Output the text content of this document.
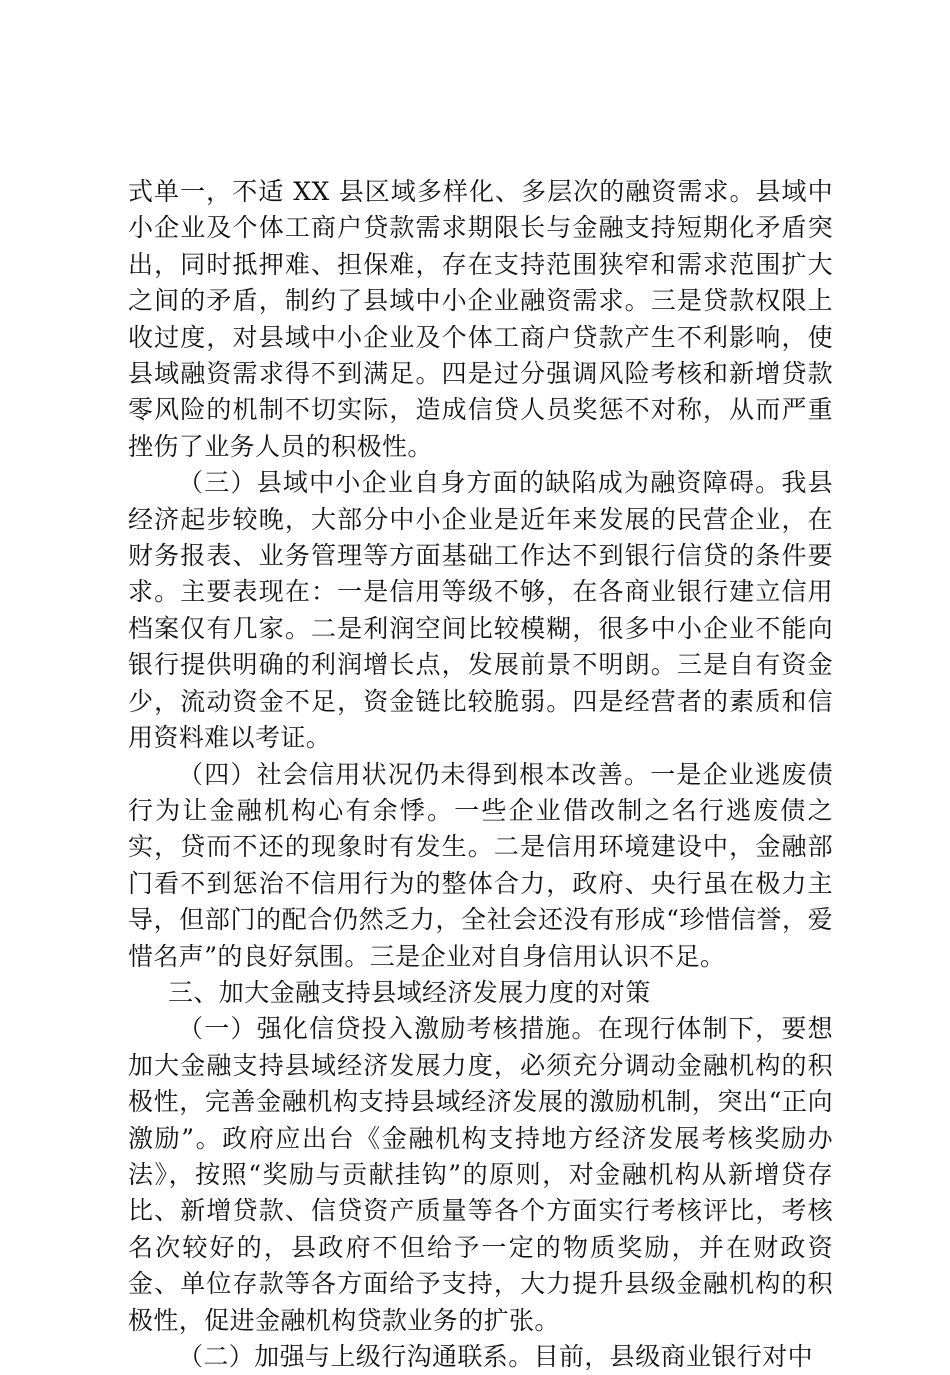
式单一，不适 XX 县区域多样化、多层次的融资需求。县域中小企业及个体工商户贷款需求期限长与金融支持短期化矛盾突出，同时抵押难、担保难，存在支持范围狭窄和需求范围扩大之间的矛盾，制约了县域中小企业融资需求。三是贷款权限上收过度，对县域中小企业及个体工商户贷款产生不利影响，使县域融资需求得不到满足。四是过分强调风险考核和新增贷款零风险的机制不切实际，造成信贷人员奖惩不对称，从而严重挫伤了业务人员的积极性。

（三）县域中小企业自身方面的缺陷成为融资障碍。我县经济起步较晚，大部分中小企业是近年来发展的民营企业，在财务报表、业务管理等方面基础工作达不到银行信贷的条件要求。主要表现在：一是信用等级不够，在各商业银行建立信用档案仅有几家。二是利润空间比较模糊，很多中小企业不能向银行提供明确的利润增长点，发展前景不明朗。三是自有资金少，流动资金不足，资金链比较脆弱。四是经营者的素质和信用资料难以考证。

（四）社会信用状况仍未得到根本改善。一是企业逃废债行为让金融机构心有余悸。一些企业借改制之名行逃废债之实，贷而不还的现象时有发生。二是信用环境建设中，金融部门看不到惩治不信用行为的整体合力，政府、央行虽在极力主导，但部门的配合仍然乏力，全社会还没有形成“珍惜信誉，爱惜名声”的良好氛围。三是企业对自身信用认识不足。

三、加大金融支持县域经济发展力度的对策

（一）强化信贷投入激励考核措施。在现行体制下，要想加大金融支持县域经济发展力度，必须充分调动金融机构的积极性，完善金融机构支持县域经济发展的激励机制，突出“正向激励”。政府应出台《金融机构支持地方经济发展考核奖励办法》，按照“奖励与贡献挂钩”的原则，对金融机构从新增贷存比、新增贷款、信贷资产质量等各个方面实行考核评比，考核名次较好的，县政府不但给予一定的物质奖励，并在财政资金、单位存款等各方面给予支持，大力提升县级金融机构的积极性，促进金融机构贷款业务的扩张。

（二）加强与上级行沟通联系。目前，县级商业银行对中
